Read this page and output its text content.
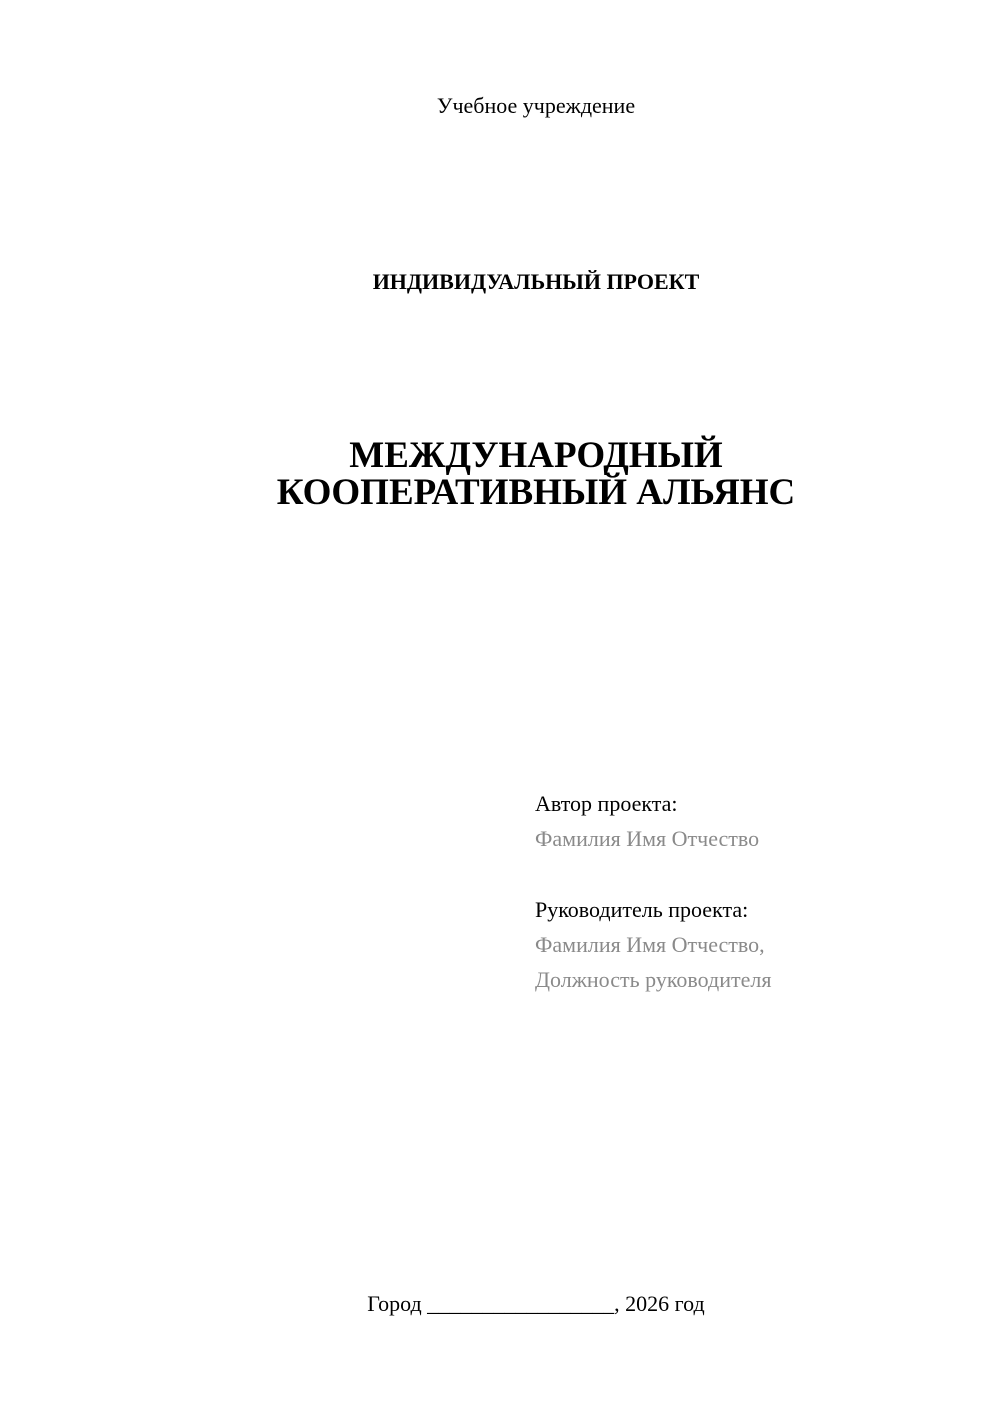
Учебное учреждение
ИНДИВИДУАЛЬНЫЙ ПРОЕКТ
МЕЖДУНАРОДНЫЙ
КООПЕРАТИВНЫЙ АЛЬЯНС
Автор проекта:
Фамилия Имя Отчество
Руководитель проекта:
Фамилия Имя Отчество,
Должность руководителя
Город _________________, 2026 год
